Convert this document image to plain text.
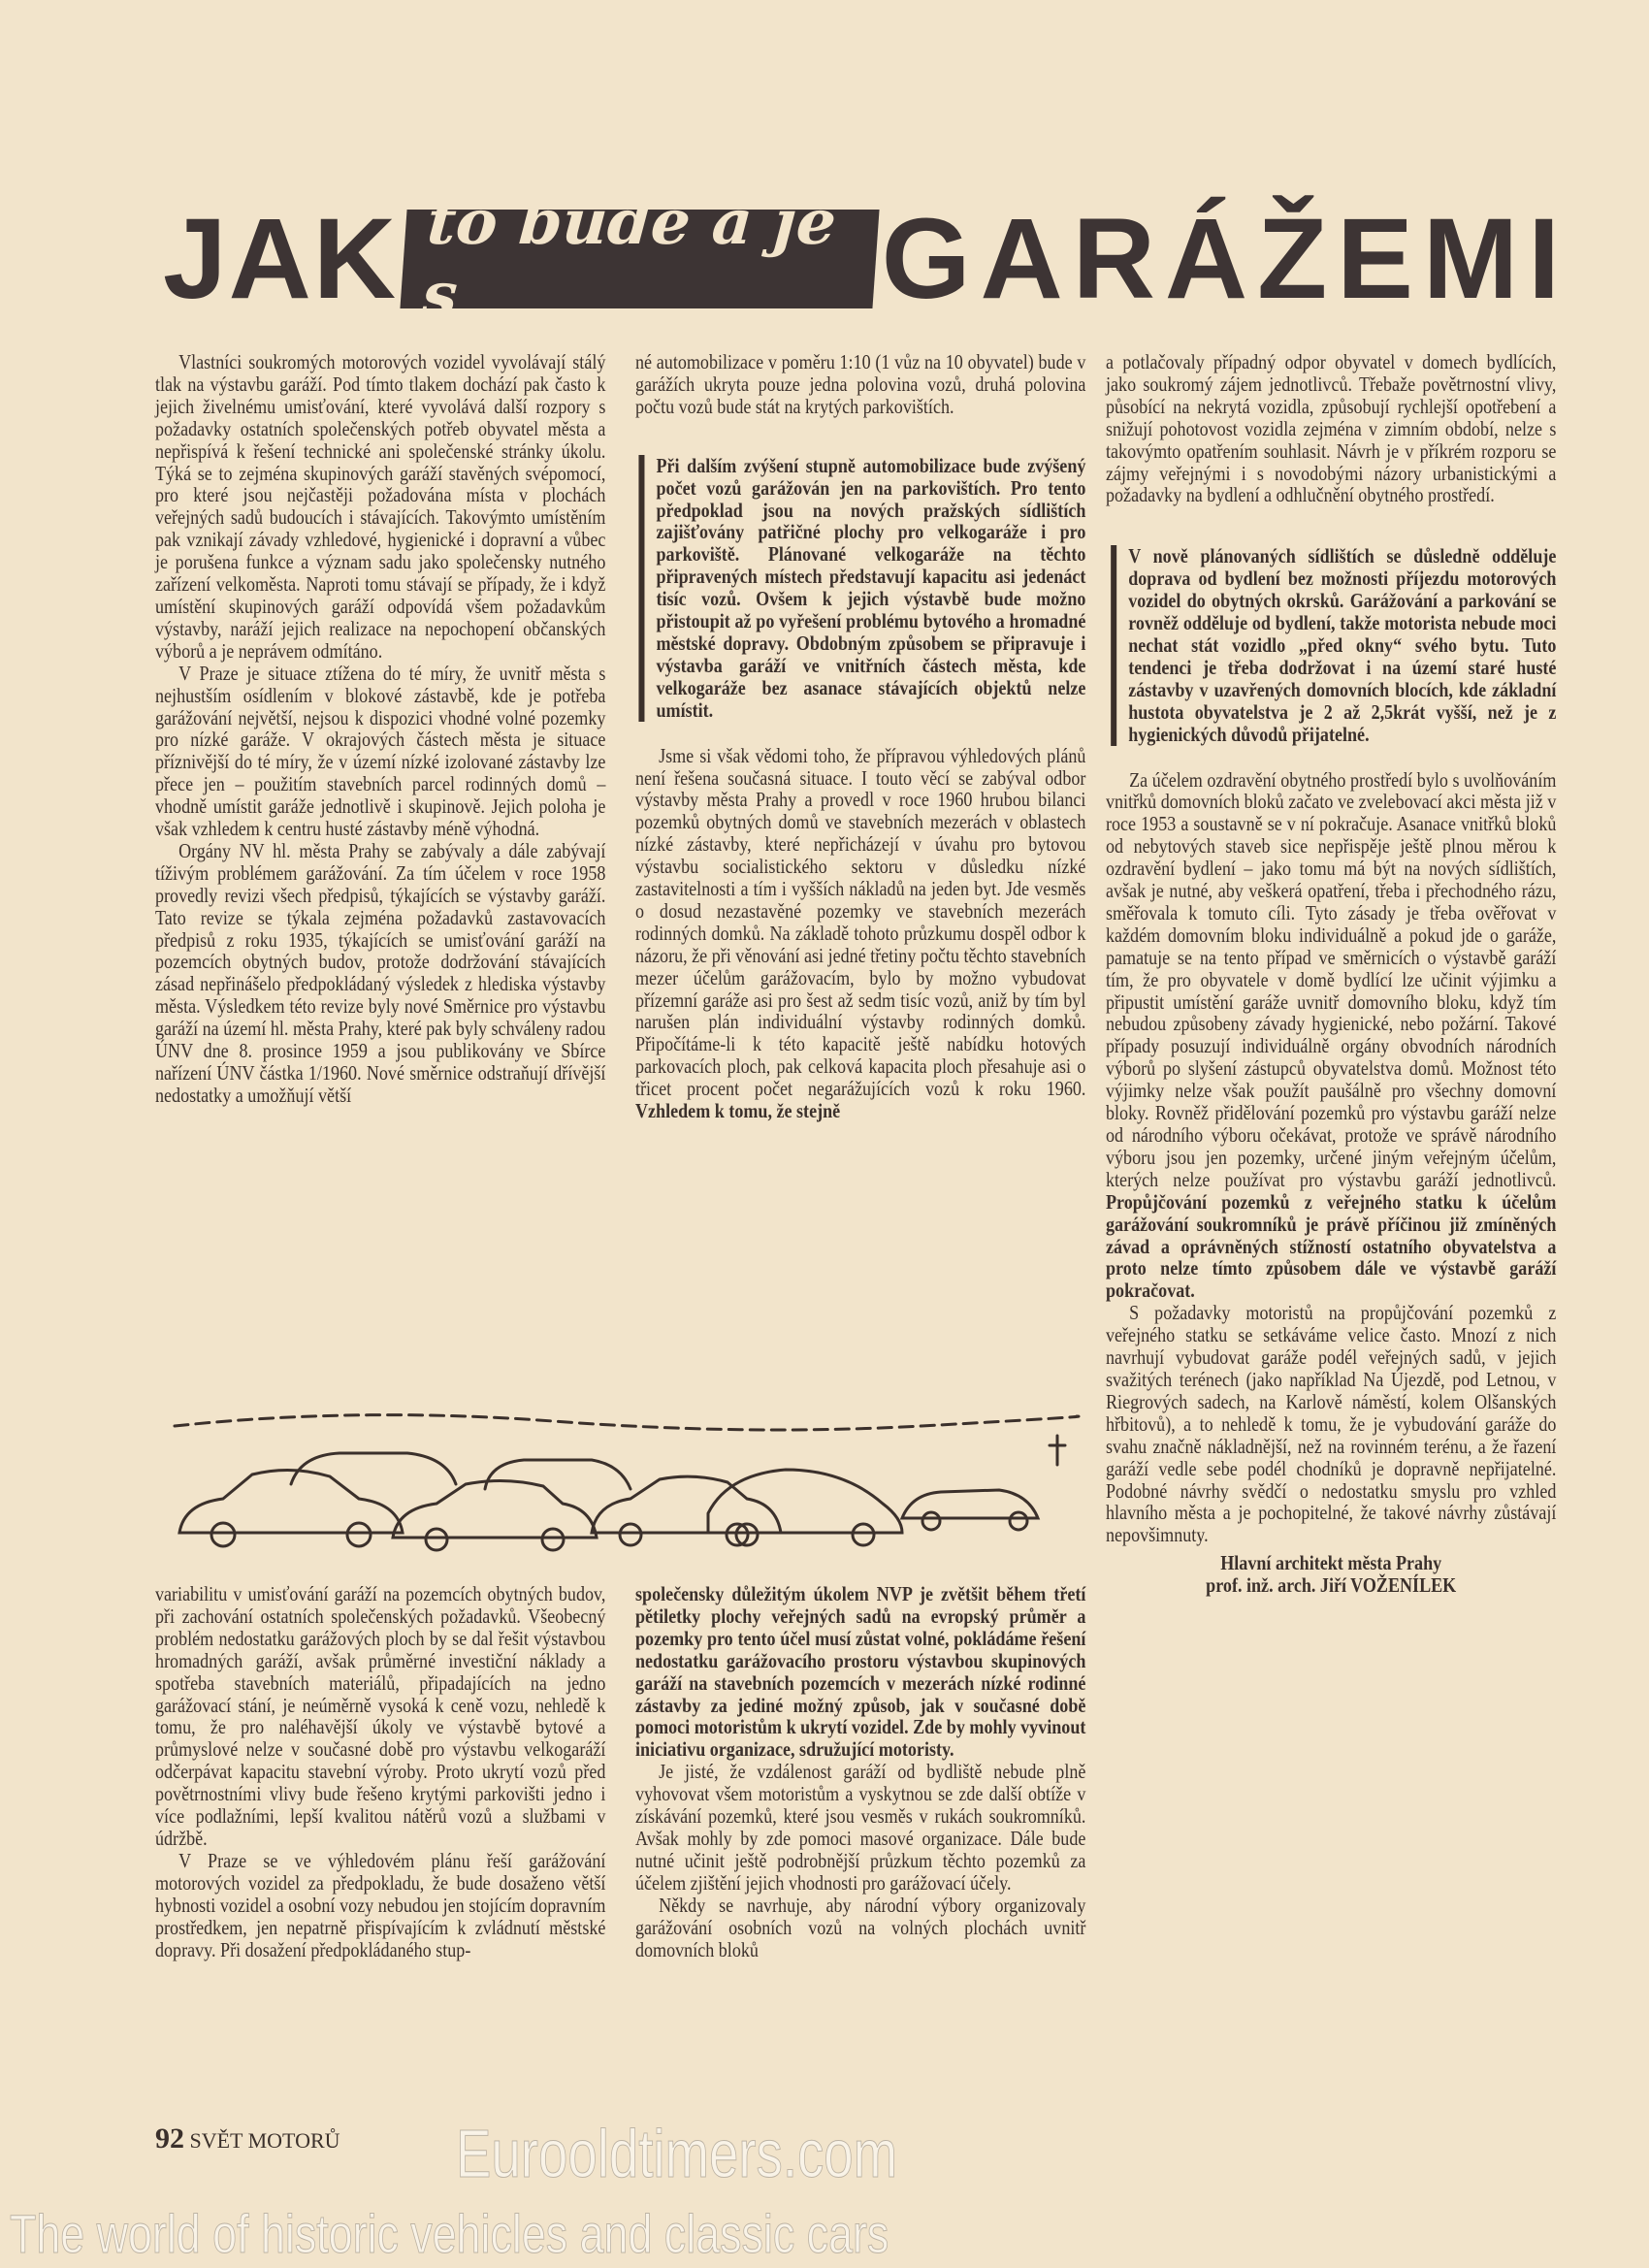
JAK to bude a je s	GARÁŽEMI

Vlastníci soukromých motorových vozidel vyvolávají stálý tlak na výstavbu garáží. Pod tímto tlakem dochází pak často k jejich živelnému umisťování, které vyvolává další rozpory s požadavky ostatních společenských potřeb obyvatel města a nepřispívá k řešení technické ani společenské stránky úkolu. Týká se to zejména skupinových garáží stavěných svépomocí, pro které jsou nejčastěji požadována místa v plochách veřejných sadů budoucích i stávajících. Takovýmto umístěním pak vznikají závady vzhledové, hygienické i dopravní a vůbec je porušena funkce a význam sadu jako společensky nutného zařízení velkoměsta. Naproti tomu stávají se případy, že i když umístění skupinových garáží odpovídá všem požadavkům výstavby, naráží jejich realizace na nepochopení občanských výborů a je neprávem odmítáno.

V Praze je situace ztížena do té míry, že uvnitř města s nejhustším osídlením v blokové zástavbě, kde je potřeba garážování největší, nejsou k dispozici vhodné volné pozemky pro nízké garáže. V okrajových částech města je situace příznivější do té míry, že v území nízké izolované zástavby lze přece jen – použitím stavebních parcel rodinných domů – vhodně umístit garáže jednotlivě i skupinově. Jejich poloha je však vzhledem k centru husté zástavby méně výhodná.

Orgány NV hl. města Prahy se zabývaly a dále zabývají tíživým problémem garážování. Za tím účelem v roce 1958 provedly revizi všech předpisů, týkajících se výstavby garáží. Tato revize se týkala zejména požadavků zastavovacích předpisů z roku 1935, týkajících se umisťování garáží na pozemcích obytných budov, protože dodržování stávajících zásad nepřinášelo předpokládaný výsledek z hlediska výstavby města. Výsledkem této revize byly nové Směrnice pro výstavbu garáží na území hl. města Prahy, které pak byly schváleny radou ÚNV dne 8. prosince 1959 a jsou publikovány ve Sbírce nařízení ÚNV částka 1/1960. Nové směrnice odstraňují dřívější nedostatky a umožňují větší

né automobilizace v poměru 1:10 (1 vůz na 10 obyvatel) bude v garážích ukryta pouze jedna polovina vozů, druhá polovina počtu vozů bude stát na krytých parkovištích.

Při dalším zvýšení stupně automobilizace bude zvýšený počet vozů garážován jen na parkovištích. Pro tento předpoklad jsou na nových pražských sídlištích zajišťovány patřičné plochy pro velkogaráže i pro parkoviště. Plánované velkogaráže na těchto připravených místech představují kapacitu asi jedenáct tisíc vozů. Ovšem k jejich výstavbě bude možno přistoupit až po vyřešení problému bytového a hromadné městské dopravy. Obdobným způsobem se připravuje i výstavba garáží ve vnitřních částech města, kde velkogaráže bez asanace stávajících objektů nelze umístit.

Jsme si však vědomi toho, že přípravou výhledových plánů není řešena současná situace. I touto věcí se zabýval odbor výstavby města Prahy a provedl v roce 1960 hrubou bilanci pozemků obytných domů ve stavebních mezerách v oblastech nízké zástavby, které nepřicházejí v úvahu pro bytovou výstavbu socialistického sektoru v důsledku nízké zastavitelnosti a tím i vyšších nákladů na jeden byt. Jde vesměs o dosud nezastavěné pozemky ve stavebních mezerách rodinných domků. Na základě tohoto průzkumu dospěl odbor k názoru, že při věnování asi jedné třetiny počtu těchto stavebních mezer účelům garážovacím, bylo by možno vybudovat přízemní garáže asi pro šest až sedm tisíc vozů, aniž by tím byl narušen plán individuální výstavby rodinných domků. Připočítáme-li k této kapacitě ještě nabídku hotových parkovacích ploch, pak celková kapacita ploch přesahuje asi o třicet procent počet negarážujících vozů k roku 1960. Vzhledem k tomu, že stejně

a potlačovaly případný odpor obyvatel v domech bydlících, jako soukromý zájem jednotlivců. Třebaže povětrnostní vlivy, působící na nekrytá vozidla, způsobují rychlejší opotřebení a snižují pohotovost vozidla zejména v zimním období, nelze s takovýmto opatřením souhlasit. Návrh je v příkrém rozporu se zájmy veřejnými i s novodobými názory urbanistickými a požadavky na bydlení a odhlučnění obytného prostředí.

V nově plánovaných sídlištích se důsledně odděluje doprava od bydlení bez možnosti příjezdu motorových vozidel do obytných okrsků. Garážování a parkování se rovněž odděluje od bydlení, takže motorista nebude moci nechat stát vozidlo „před okny“ svého bytu. Tuto tendenci je třeba dodržovat i na území staré husté zástavby v uzavřených domovních blocích, kde základní hustota obyvatelstva je 2 až 2,5krát vyšší, než je z hygienických důvodů přijatelné.

Za účelem ozdravění obytného prostředí bylo s uvolňováním vnitřků domovních bloků začato ve zvelebovací akci města již v roce 1953 a soustavně se v ní pokračuje. Asanace vnitřků bloků od nebytových staveb sice nepřispěje ještě plnou měrou k ozdravění bydlení – jako tomu má být na nových sídlištích, avšak je nutné, aby veškerá opatření, třeba i přechodného rázu, směřovala k tomuto cíli. Tyto zásady je třeba ověřovat v každém domovním bloku individuálně a pokud jde o garáže, pamatuje se na tento případ ve směrnicích o výstavbě garáží tím, že pro obyvatele v domě bydlící lze učinit výjimku a připustit umístění garáže uvnitř domovního bloku, když tím nebudou způsobeny závady hygienické, nebo požární. Takové případy posuzují individuálně orgány obvodních národních výborů po slyšení zástupců obyvatelstva domů. Možnost této výjimky nelze však použít paušálně pro všechny domovní bloky. Rovněž přidělování pozemků pro výstavbu garáží nelze od národního výboru očekávat, protože ve správě národního výboru jsou jen pozemky, určené jiným veřejným účelům, kterých nelze používat pro výstavbu garáží jednotlivců. Propůjčování pozemků z veřejného statku k účelům garážování soukromníků je právě příčinou již zmíněných závad a oprávněných stížností ostatního obyvatelstva a proto nelze tímto způsobem dále ve výstavbě garáží pokračovat.

S požadavky motoristů na propůjčování pozemků z veřejného statku se setkáváme velice často. Mnozí z nich navrhují vybudovat garáže podél veřejných sadů, v jejich svažitých terénech (jako například Na Újezdě, pod Letnou, v Riegrových sadech, na Karlově náměstí, kolem Olšanských hřbitovů), a to nehledě k tomu, že je vybudování garáže do svahu značně nákladnější, než na rovinném terénu, a že řazení garáží vedle sebe podél chodníků je dopravně nepřijatelné. Podobné návrhy svědčí o nedostatku smyslu pro vzhled hlavního města a je pochopitelné, že takové návrhy zůstávají nepovšimnuty.

Hlavní architekt města Prahy

prof. inž. arch. Jiří VOŽENÍLEK

variabilitu v umisťování garáží na pozemcích obytných budov, při zachování ostatních společenských požadavků. Všeobecný problém nedostatku garážových ploch by se dal řešit výstavbou hromadných garáží, avšak průměrné investiční náklady a spotřeba stavebních materiálů, připadajících na jedno garážovací stání, je neúměrně vysoká k ceně vozu, nehledě k tomu, že pro naléhavější úkoly ve výstavbě bytové a průmyslové nelze v současné době pro výstavbu velkogaráží odčerpávat kapacitu stavební výroby. Proto ukrytí vozů před povětrnostními vlivy bude řešeno krytými parkovišti jedno i více podlažními, lepší kvalitou nátěrů vozů a službami v údržbě.

V Praze se ve výhledovém plánu řeší garážování motorových vozidel za předpokladu, že bude dosaženo větší hybnosti vozidel a osobní vozy nebudou jen stojícím dopravním prostředkem, jen nepatrně přispívajícím k zvládnutí městské dopravy. Při dosažení předpokládaného stup-

společensky důležitým úkolem NVP je zvětšit během třetí pětiletky plochy veřejných sadů na evropský průměr a pozemky pro tento účel musí zůstat volné, pokládáme řešení nedostatku garážovacího prostoru výstavbou skupinových garáží na stavebních pozemcích v mezerách nízké rodinné zástavby za jediné možný způsob, jak v současné době pomoci motoristům k ukrytí vozidel. Zde by mohly vyvinout iniciativu organizace, sdružující motoristy.

Je jisté, že vzdálenost garáží od bydliště nebude plně vyhovovat všem motoristům a vyskytnou se zde další obtíže v získávání pozemků, které jsou vesměs v rukách soukromníků. Avšak mohly by zde pomoci masové organizace. Dále bude nutné učinit ještě podrobnější průzkum těchto pozemků za účelem zjištění jejich vhodnosti pro garážovací účely.

Někdy se navrhuje, aby národní výbory organizovaly garážování osobních vozů na volných plochách uvnitř domovních bloků

92 SVĚT MOTORŮ Eurooldtimers.com
The world of historic vehicles and classic cars
